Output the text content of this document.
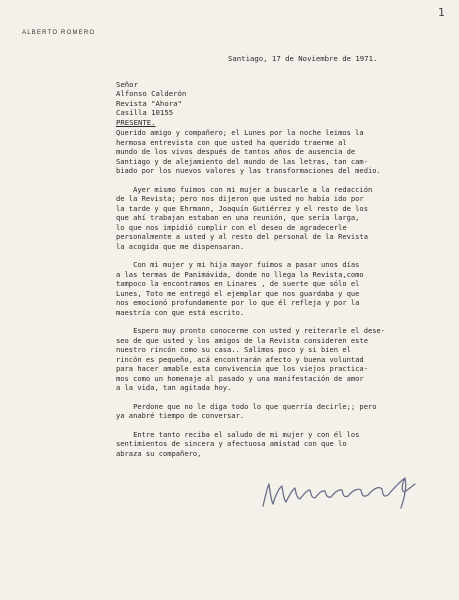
1
ALBERTO ROMERO
Santiago, 17 de Noviembre de 1971.
Señor
Alfonso Calderón
Revista "Ahora"
Casilla 10155
PRESENTE.

Querido amigo y compañero; el Lunes por la noche leimos la
hermosa entrevista con que usted ha querido traerme al
mundo de los vivos después de tantos años de ausencia de
Santiago y de alejamiento del mundo de las letras, tan cam-
biado por los nuevos valores y las transformaciones del medio.

Ayer mismo fuimos con mi mujer a buscarle a la redacción
de la Revista; pero nos dijeron que usted no había ido por
la tarde y que Ehrmann, Joaquín Gutiérrez y el resto de los
que ahí trabajan estaban en una reunión, que sería larga,
lo que nos impidió cumplir con el deseo de agradecerle
personalmente a usted y al resto del personal de la Revista
la acogida que me dispensaran.

Con mi mujer y mi hija mayor fuimos a pasar unos días
a las termas de Panimávida, donde no llega la Revista,como
tampoco la encontramos en Linares , de suerte que sólo el
Lunes, Toto me entregó el ejemplar que nos guardaba y que
nos emocionó profundamente por lo que él refleja y por la
maestría con que está escrito.

Espero muy pronto conocerme con usted y reiterarle el dese-
seo de que usted y los amigos de la Revista consideren este
nuestro rincón como su casa.. Salimos poco y si bien el
rincón es pequeño, acá encontrarán afecto y buena voluntad
para hacer amable esta convivencia que los viejos practica-
mos como un homenaje al pasado y una manifestación de amor
a la vida, tan agitada hoy.

Perdone que no le diga todo lo que querría decirle;; pero
ya anabré tiempo de conversar.

Entre tanto reciba el saludo de mi mujer y con él los
sentimientos de sincera y afectuosa amistad con que lo
abraza su compañero,
